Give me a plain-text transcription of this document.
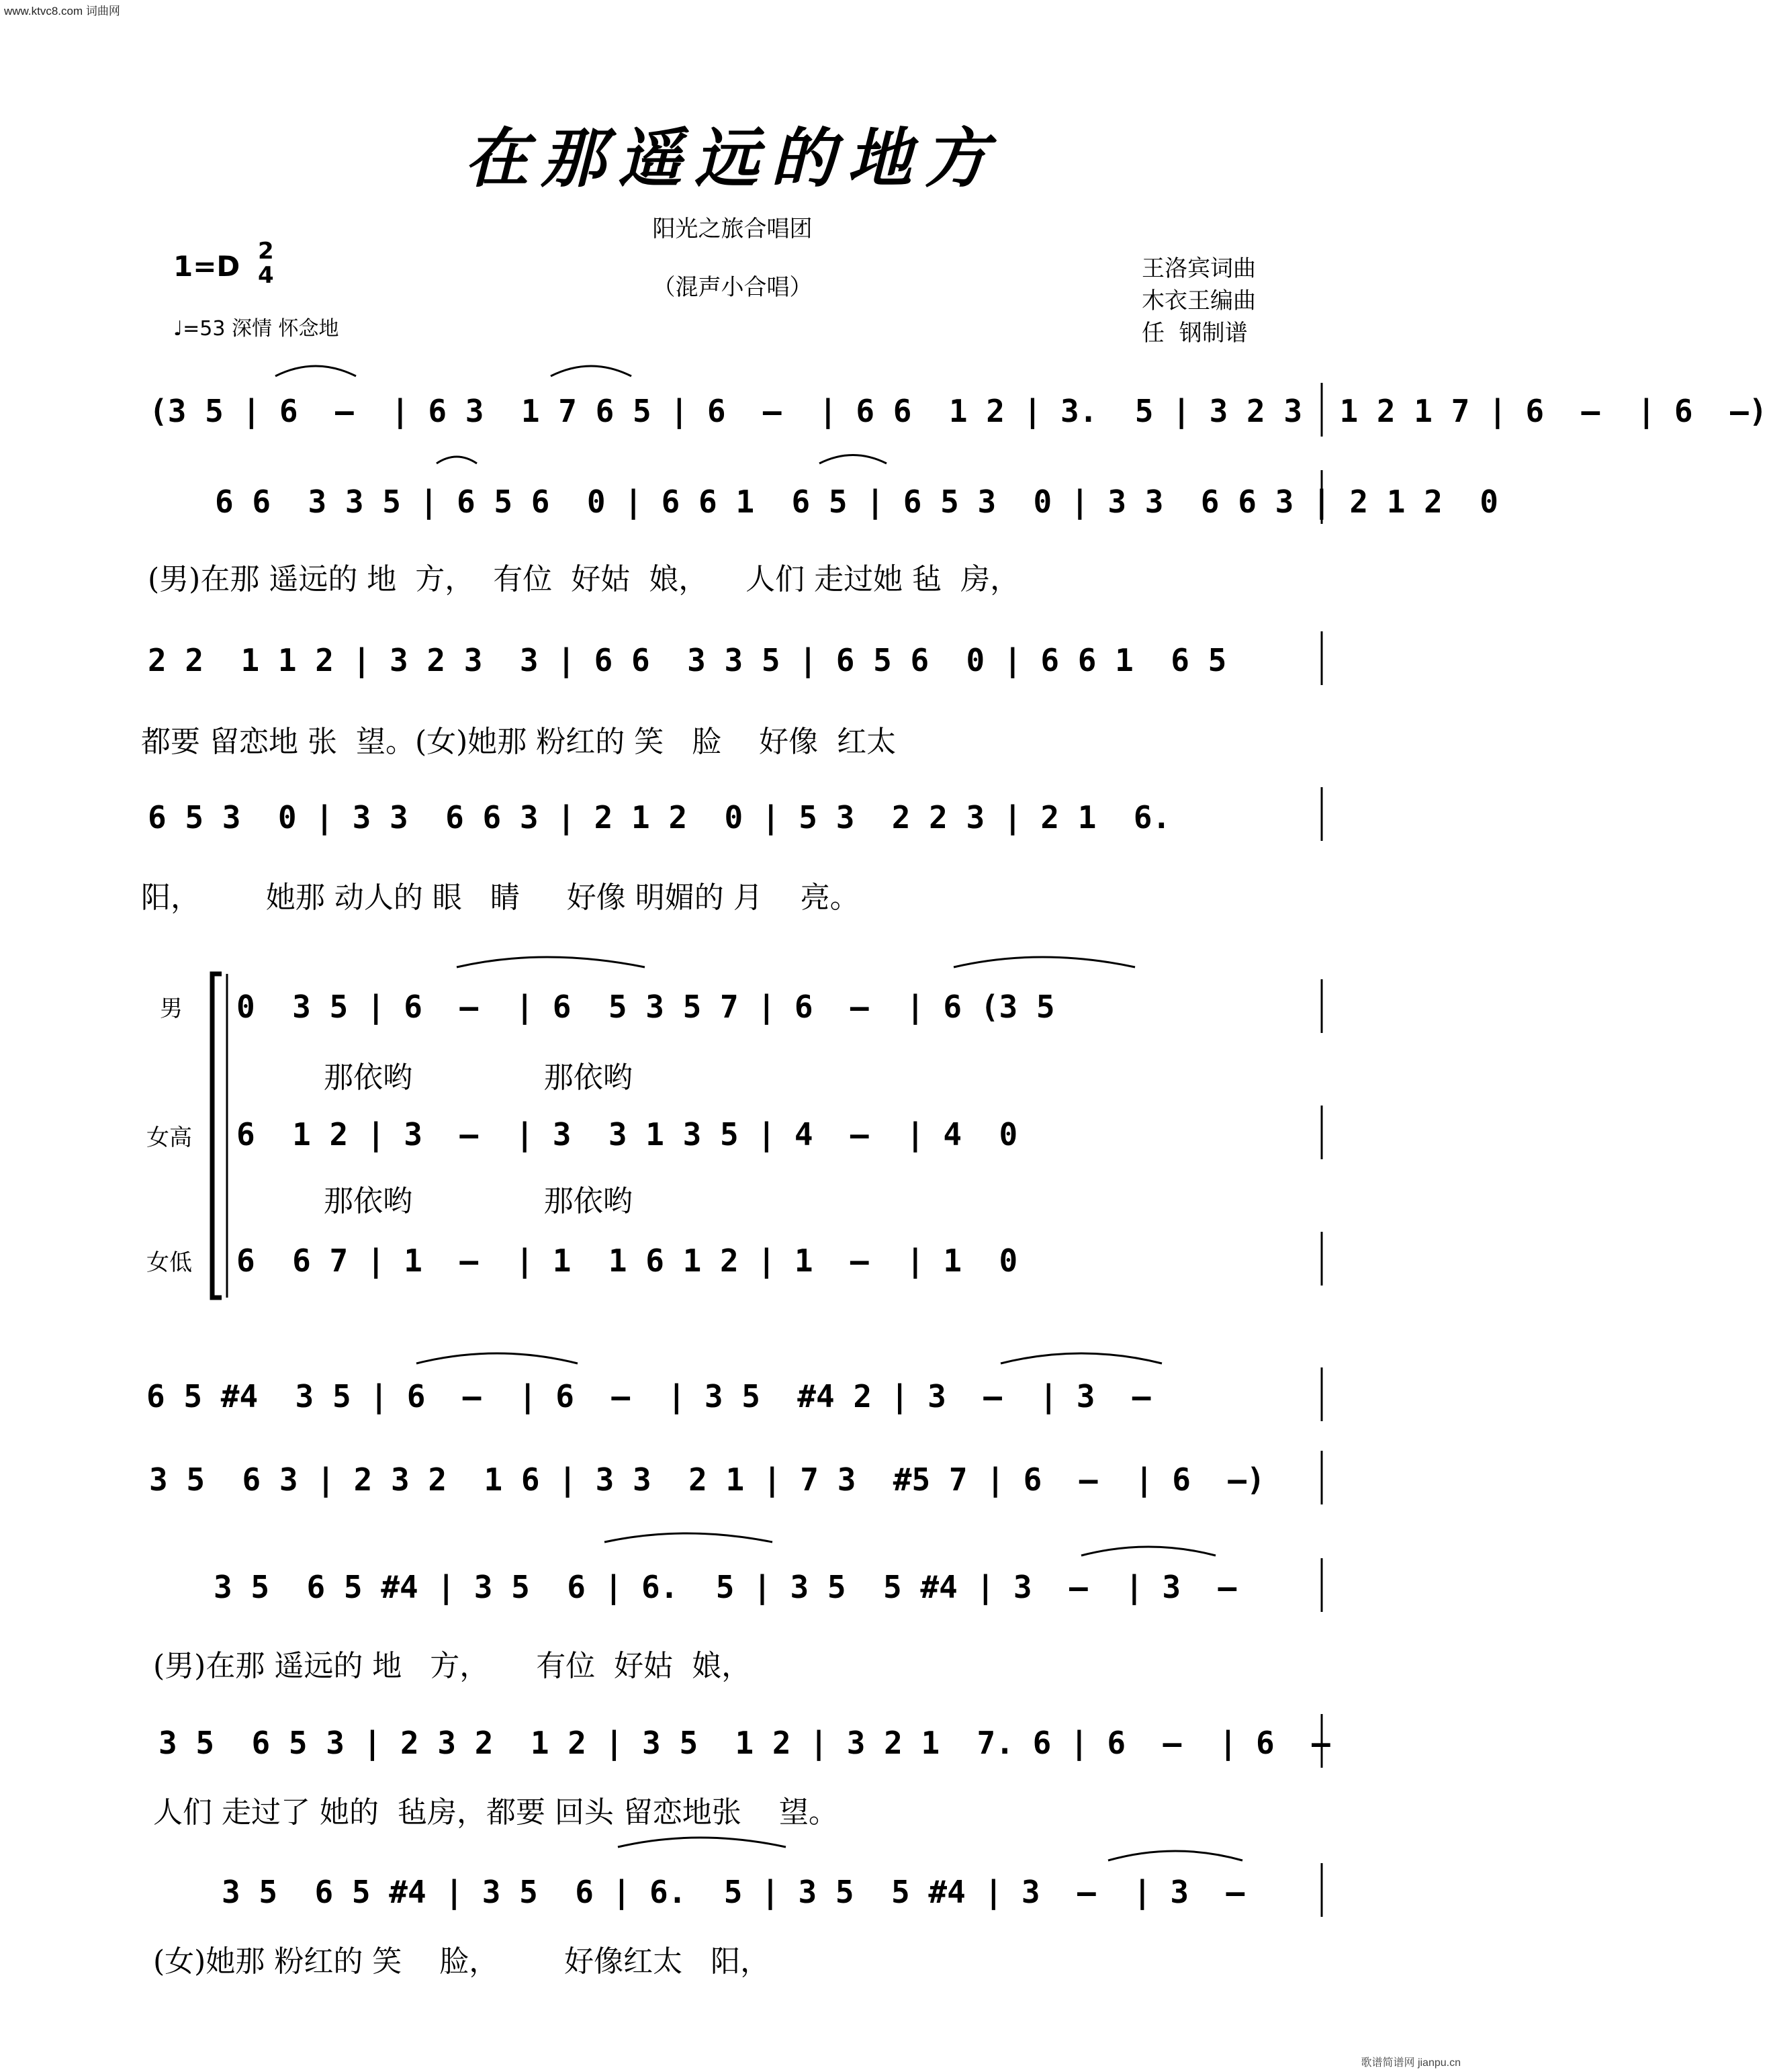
www.ktvc8.com 词曲网
在那遥远的地方
阳光之旅合唱团
（混声小合唱）
1=D 2
4
♩=53 深情 怀念地
王洛宾词曲
木衣王编曲
任  钢制谱
(3 5 | 6  –  | 6 3  1 7 6 5 | 6  –  | 6 6  1 2 | 3.  5 | 3 2 3  1 2 1 7 | 6  –  | 6  –)
6 6  3 3 5 | 6 5 6  0 | 6 6 1  6 5 | 6 5 3  0 | 3 3  6 6 3 | 2 1 2  0
(男)在那 遥远的 地  方，  有位  好姑  娘，    人们 走过她 毡  房，
2 2  1 1 2 | 3 2 3  3 | 6 6  3 3 5 | 6 5 6  0 | 6 6 1  6 5
都要 留恋地 张  望。(女)她那 粉红的 笑   脸    好像  红太
6 5 3  0 | 3 3  6 6 3 | 2 1 2  0 | 5 3  2 2 3 | 2 1  6.
阳，       她那 动人的 眼   睛     好像 明媚的 月    亮。
男
女高
女低
0  3 5 | 6  –  | 6  5 3 5 7 | 6  –  | 6 (3 5
那依哟              那依哟
6  1 2 | 3  –  | 3  3 1 3 5 | 4  –  | 4  0
那依哟              那依哟
6  6 7 | 1  –  | 1  1 6 1 2 | 1  –  | 1  0
6 5 #4  3 5 | 6  –  | 6  –  | 3 5  #4 2 | 3  –  | 3  –
3 5  6 3 | 2 3 2  1 6 | 3 3  2 1 | 7 3  #5 7 | 6  –  | 6  –)
3 5  6 5 #4 | 3 5  6 | 6.  5 | 3 5  5 #4 | 3  –  | 3  –
(男)在那 遥远的 地   方，     有位  好姑  娘，
3 5  6 5 3 | 2 3 2  1 2 | 3 5  1 2 | 3 2 1  7. 6 | 6  –  | 6  –
人们 走过了 她的  毡房，都要 回头 留恋地张    望。
3 5  6 5 #4 | 3 5  6 | 6.  5 | 3 5  5 #4 | 3  –  | 3  –
(女)她那 粉红的 笑    脸，       好像红太   阳，
歌谱简谱网 jianpu.cn
